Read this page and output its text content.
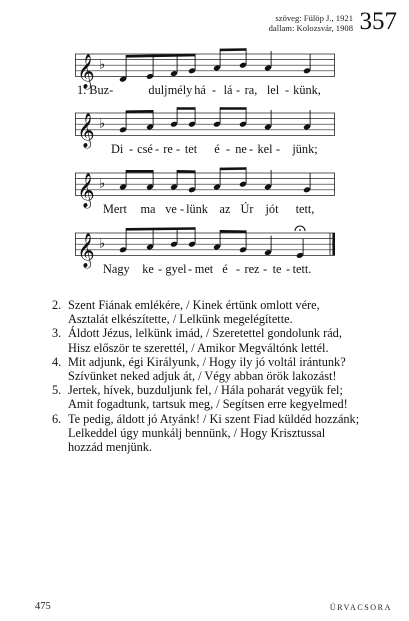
szöveg: Fülöp J., 1921
dallam: Kolozsvár, 1908 357
𝄞 ♭
1. Buz-	dulj mély há - lá - ra, lel - künk,
𝄞 ♭
Di - csé - re - tet é - ne - kel - jünk;
𝄞 ♭
Mert ma ve - lünk az Úr jót tett,
𝄞 ♭
Nagy ke - gyel - met é - rez - te - tett.
2. Szent Fiának emlékére, / Kinek értünk omlott vére,
Asztalát elkészítette, / Lelkünk megelégítette.
3. Áldott Jézus, lelkünk imád, / Szeretettel gondolunk rád,
Hisz először te szerettél, / Amikor Megváltónk lettél.
4. Mit adjunk, égi Királyunk, / Hogy ily jó voltál irántunk?
Szívünket neked adjuk át, / Végy abban örök lakozást!
5. Jertek, hívek, buzduljunk fel, / Hála poharát vegyük fel;
Amit fogadtunk, tartsuk meg, / Segítsen erre kegyelmed!
6. Te pedig, áldott jó Atyánk! / Ki szent Fiad küldéd hozzánk;
Lelkeddel úgy munkálj bennünk, / Hogy Krisztussal
hozzád menjünk.
475	ÚRVACSORA
